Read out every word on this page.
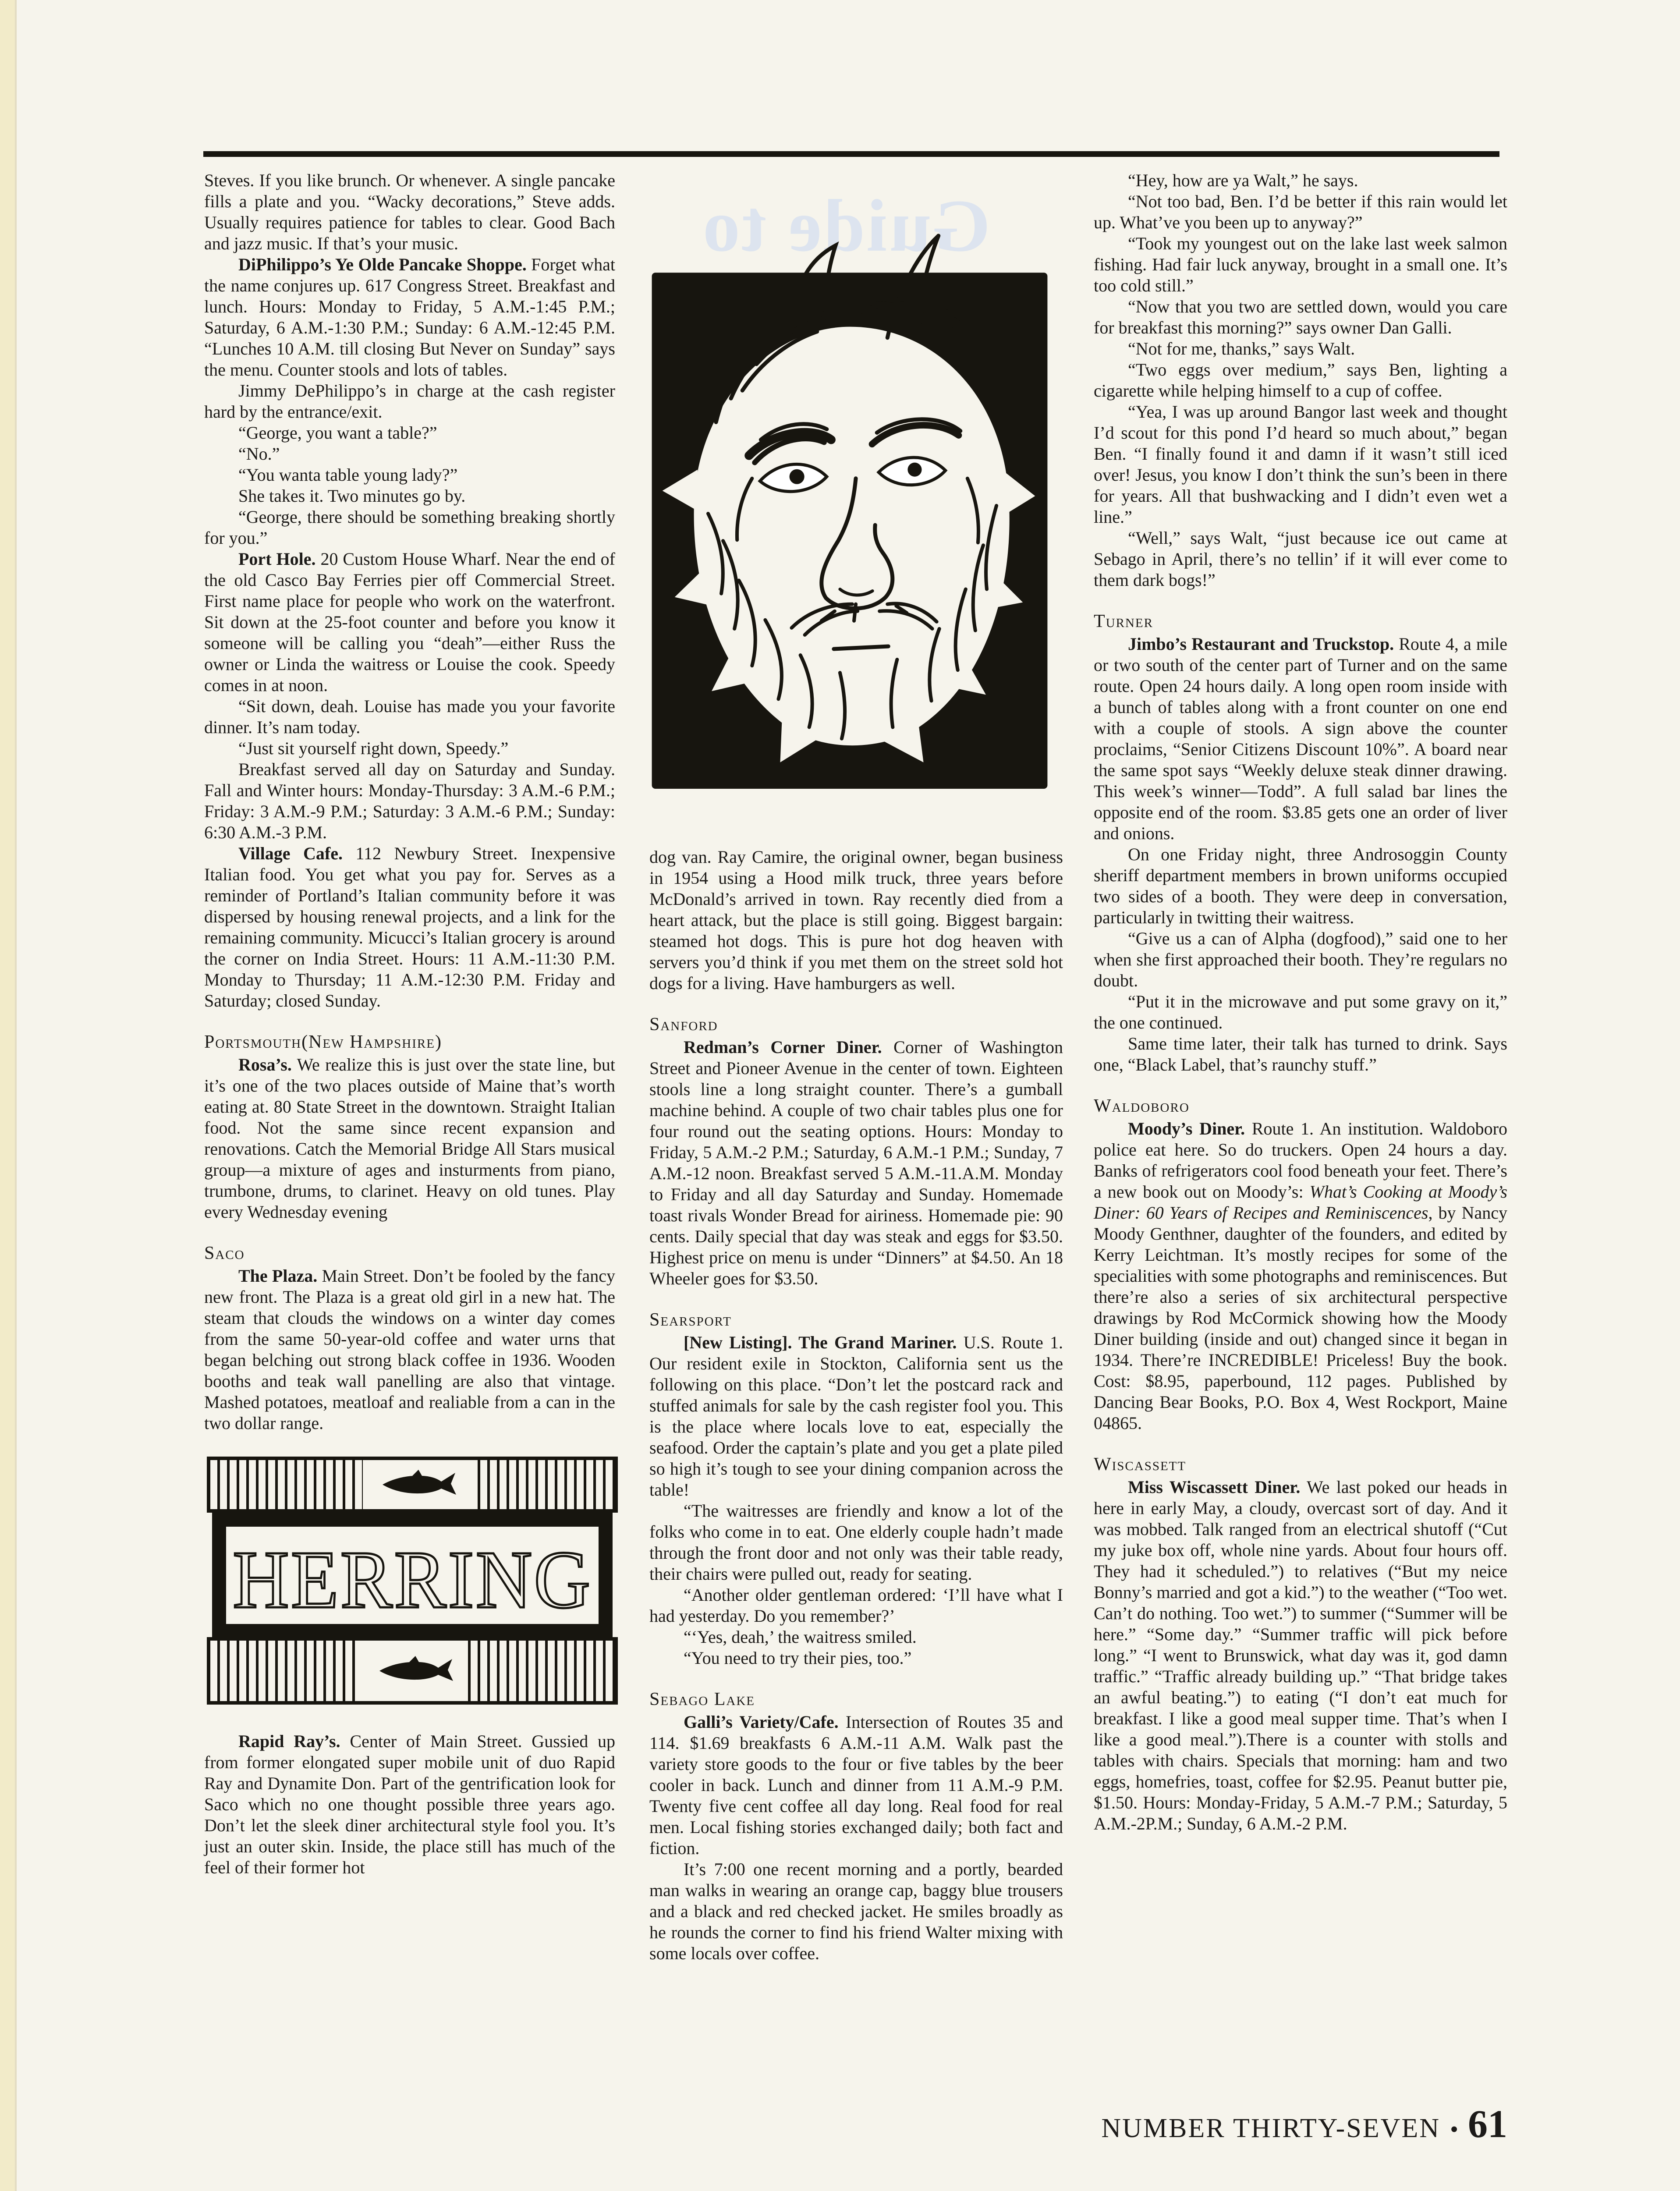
Guide to

Steves. If you like brunch. Or whenever. A single pancake fills a plate and you. “Wacky decorations,” Steve adds. Usually requires patience for tables to clear. Good Bach and jazz music. If that’s your music.

DiPhilippo’s Ye Olde Pancake Shoppe. Forget what the name conjures up. 617 Congress Street. Breakfast and lunch. Hours: Monday to Friday, 5 A.M.-1:45 P.M.; Saturday, 6 A.M.-1:30 P.M.; Sunday: 6 A.M.-12:45 P.M. “Lunches 10 A.M. till closing But Never on Sunday” says the menu. Counter stools and lots of tables.

Jimmy DePhilippo’s in charge at the cash register hard by the entrance/exit.

“George, you want a table?”

“No.”

“You wanta table young lady?”

She takes it. Two minutes go by.

“George, there should be something breaking shortly for you.”

Port Hole. 20 Custom House Wharf. Near the end of the old Casco Bay Ferries pier off Commercial Street. First name place for people who work on the waterfront. Sit down at the 25-foot counter and before you know it someone will be calling you “deah”—either Russ the owner or Linda the waitress or Louise the cook. Speedy comes in at noon.

“Sit down, deah. Louise has made you your favorite dinner. It’s nam today.

“Just sit yourself right down, Speedy.”

Breakfast served all day on Saturday and Sunday. Fall and Winter hours: Monday-Thursday: 3 A.M.-6 P.M.; Friday: 3 A.M.-9 P.M.; Saturday: 3 A.M.-6 P.M.; Sunday: 6:30 A.M.-3 P.M.

Village Cafe. 112 Newbury Street. Inexpensive Italian food. You get what you pay for. Serves as a reminder of Portland’s Italian community before it was dispersed by housing renewal projects, and a link for the remaining community. Micucci’s Italian grocery is around the corner on India Street. Hours: 11 A.M.-11:30 P.M. Monday to Thursday; 11 A.M.-12:30 P.M. Friday and Saturday; closed Sunday.

Portsmouth(New Hampshire)

Rosa’s. We realize this is just over the state line, but it’s one of the two places outside of Maine that’s worth eating at. 80 State Street in the downtown. Straight Italian food. Not the same since recent expansion and renovations. Catch the Memorial Bridge All Stars musical group—a mixture of ages and insturments from piano, trumbone, drums, to clarinet. Heavy on old tunes. Play every Wednesday evening

Saco

The Plaza. Main Street. Don’t be fooled by the fancy new front. The Plaza is a great old girl in a new hat. The steam that clouds the windows on a winter day comes from the same 50-year-old coffee and water urns that began belching out strong black coffee in 1936. Wooden booths and teak wall panelling are also that vintage. Mashed potatoes, meatloaf and realiable from a can in the two dollar range.

HERRING

Rapid Ray’s. Center of Main Street. Gussied up from former elongated super mobile unit of duo Rapid Ray and Dynamite Don. Part of the gentrification look for Saco which no one thought possible three years ago. Don’t let the sleek diner architectural style fool you. It’s just an outer skin. Inside, the place still has much of the feel of their former hot

dog van. Ray Camire, the original owner, began business in 1954 using a Hood milk truck, three years before McDonald’s arrived in town. Ray recently died from a heart attack, but the place is still going. Biggest bargain: steamed hot dogs. This is pure hot dog heaven with servers you’d think if you met them on the street sold hot dogs for a living. Have hamburgers as well.

Sanford

Redman’s Corner Diner. Corner of Washington Street and Pioneer Avenue in the center of town. Eighteen stools line a long straight counter. There’s a gumball machine behind. A couple of two chair tables plus one for four round out the seating options. Hours: Monday to Friday, 5 A.M.-2 P.M.; Saturday, 6 A.M.-1 P.M.; Sunday, 7 A.M.-12 noon. Breakfast served 5 A.M.-11.A.M. Monday to Friday and all day Saturday and Sunday. Homemade toast rivals Wonder Bread for airiness. Homemade pie: 90 cents. Daily special that day was steak and eggs for $3.50. Highest price on menu is under “Dinners” at $4.50. An 18 Wheeler goes for $3.50.

Searsport

[New Listing]. The Grand Mariner. U.S. Route 1. Our resident exile in Stockton, California sent us the following on this place. “Don’t let the postcard rack and stuffed animals for sale by the cash register fool you. This is the place where locals love to eat, especially the seafood. Order the captain’s plate and you get a plate piled so high it’s tough to see your dining companion across the table!

“The waitresses are friendly and know a lot of the folks who come in to eat. One elderly couple hadn’t made through the front door and not only was their table ready, their chairs were pulled out, ready for seating.

“Another older gentleman ordered: ‘I’ll have what I had yesterday. Do you remember?’

“‘Yes, deah,’ the waitress smiled.

“You need to try their pies, too.”

Sebago Lake

Galli’s Variety/Cafe. Intersection of Routes 35 and 114. $1.69 breakfasts 6 A.M.-11 A.M. Walk past the variety store goods to the four or five tables by the beer cooler in back. Lunch and dinner from 11 A.M.-9 P.M. Twenty five cent coffee all day long. Real food for real men. Local fishing stories exchanged daily; both fact and fiction.

It’s 7:00 one recent morning and a portly, bearded man walks in wearing an orange cap, baggy blue trousers and a black and red checked jacket. He smiles broadly as he rounds the corner to find his friend Walter mixing with some locals over coffee.

“Hey, how are ya Walt,” he says.

“Not too bad, Ben. I’d be better if this rain would let up. What’ve you been up to anyway?”

“Took my youngest out on the lake last week salmon fishing. Had fair luck anyway, brought in a small one. It’s too cold still.”

“Now that you two are settled down, would you care for breakfast this morning?” says owner Dan Galli.

“Not for me, thanks,” says Walt.

“Two eggs over medium,” says Ben, lighting a cigarette while helping himself to a cup of coffee.

“Yea, I was up around Bangor last week and thought I’d scout for this pond I’d heard so much about,” began Ben. “I finally found it and damn if it wasn’t still iced over! Jesus, you know I don’t think the sun’s been in there for years. All that bushwacking and I didn’t even wet a line.”

“Well,” says Walt, “just because ice out came at Sebago in April, there’s no tellin’ if it will ever come to them dark bogs!”

Turner

Jimbo’s Restaurant and Truckstop. Route 4, a mile or two south of the center part of Turner and on the same route. Open 24 hours daily. A long open room inside with a bunch of tables along with a front counter on one end with a couple of stools. A sign above the counter proclaims, “Senior Citizens Discount 10%”. A board near the same spot says “Weekly deluxe steak dinner drawing. This week’s winner—Todd”. A full salad bar lines the opposite end of the room. $3.85 gets one an order of liver and onions.

On one Friday night, three Androsoggin County sheriff department members in brown uniforms occupied two sides of a booth. They were deep in conversation, particularly in twitting their waitress.

“Give us a can of Alpha (dogfood),” said one to her when she first approached their booth. They’re regulars no doubt.

“Put it in the microwave and put some gravy on it,” the one continued.

Same time later, their talk has turned to drink. Says one, “Black Label, that’s raunchy stuff.”

Waldoboro

Moody’s Diner. Route 1. An institution. Waldoboro police eat here. So do truckers. Open 24 hours a day. Banks of refrigerators cool food beneath your feet. There’s a new book out on Moody’s: What’s Cooking at Moody’s Diner: 60 Years of Recipes and Reminiscences, by Nancy Moody Genthner, daughter of the founders, and edited by Kerry Leichtman. It’s mostly recipes for some of the specialities with some photographs and reminiscences. But there’re also a series of six architectural perspective drawings by Rod McCormick showing how the Moody Diner building (inside and out) changed since it began in 1934. There’re INCREDIBLE! Priceless! Buy the book. Cost: $8.95, paperbound, 112 pages. Published by Dancing Bear Books, P.O. Box 4, West Rockport, Maine 04865.

Wiscassett

Miss Wiscassett Diner. We last poked our heads in here in early May, a cloudy, overcast sort of day. And it was mobbed. Talk ranged from an electrical shutoff (“Cut my juke box off, whole nine yards. About four hours off. They had it scheduled.”) to relatives (“But my neice Bonny’s married and got a kid.”) to the weather (“Too wet. Can’t do nothing. Too wet.”) to summer (“Summer will be here.” “Some day.” “Summer traffic will pick before long.” “I went to Brunswick, what day was it, god damn traffic.” “Traffic already building up.” “That bridge takes an awful beating.”) to eating (“I don’t eat much for breakfast. I like a good meal supper time. That’s when I like a good meal.”).There is a counter with stolls and tables with chairs. Specials that morning: ham and two eggs, homefries, toast, coffee for $2.95. Peanut butter pie, $1.50. Hours: Monday-Friday, 5 A.M.-7 P.M.; Saturday, 5 A.M.-2P.M.; Sunday, 6 A.M.-2 P.M.

NUMBER THIRTY-SEVEN • 61
